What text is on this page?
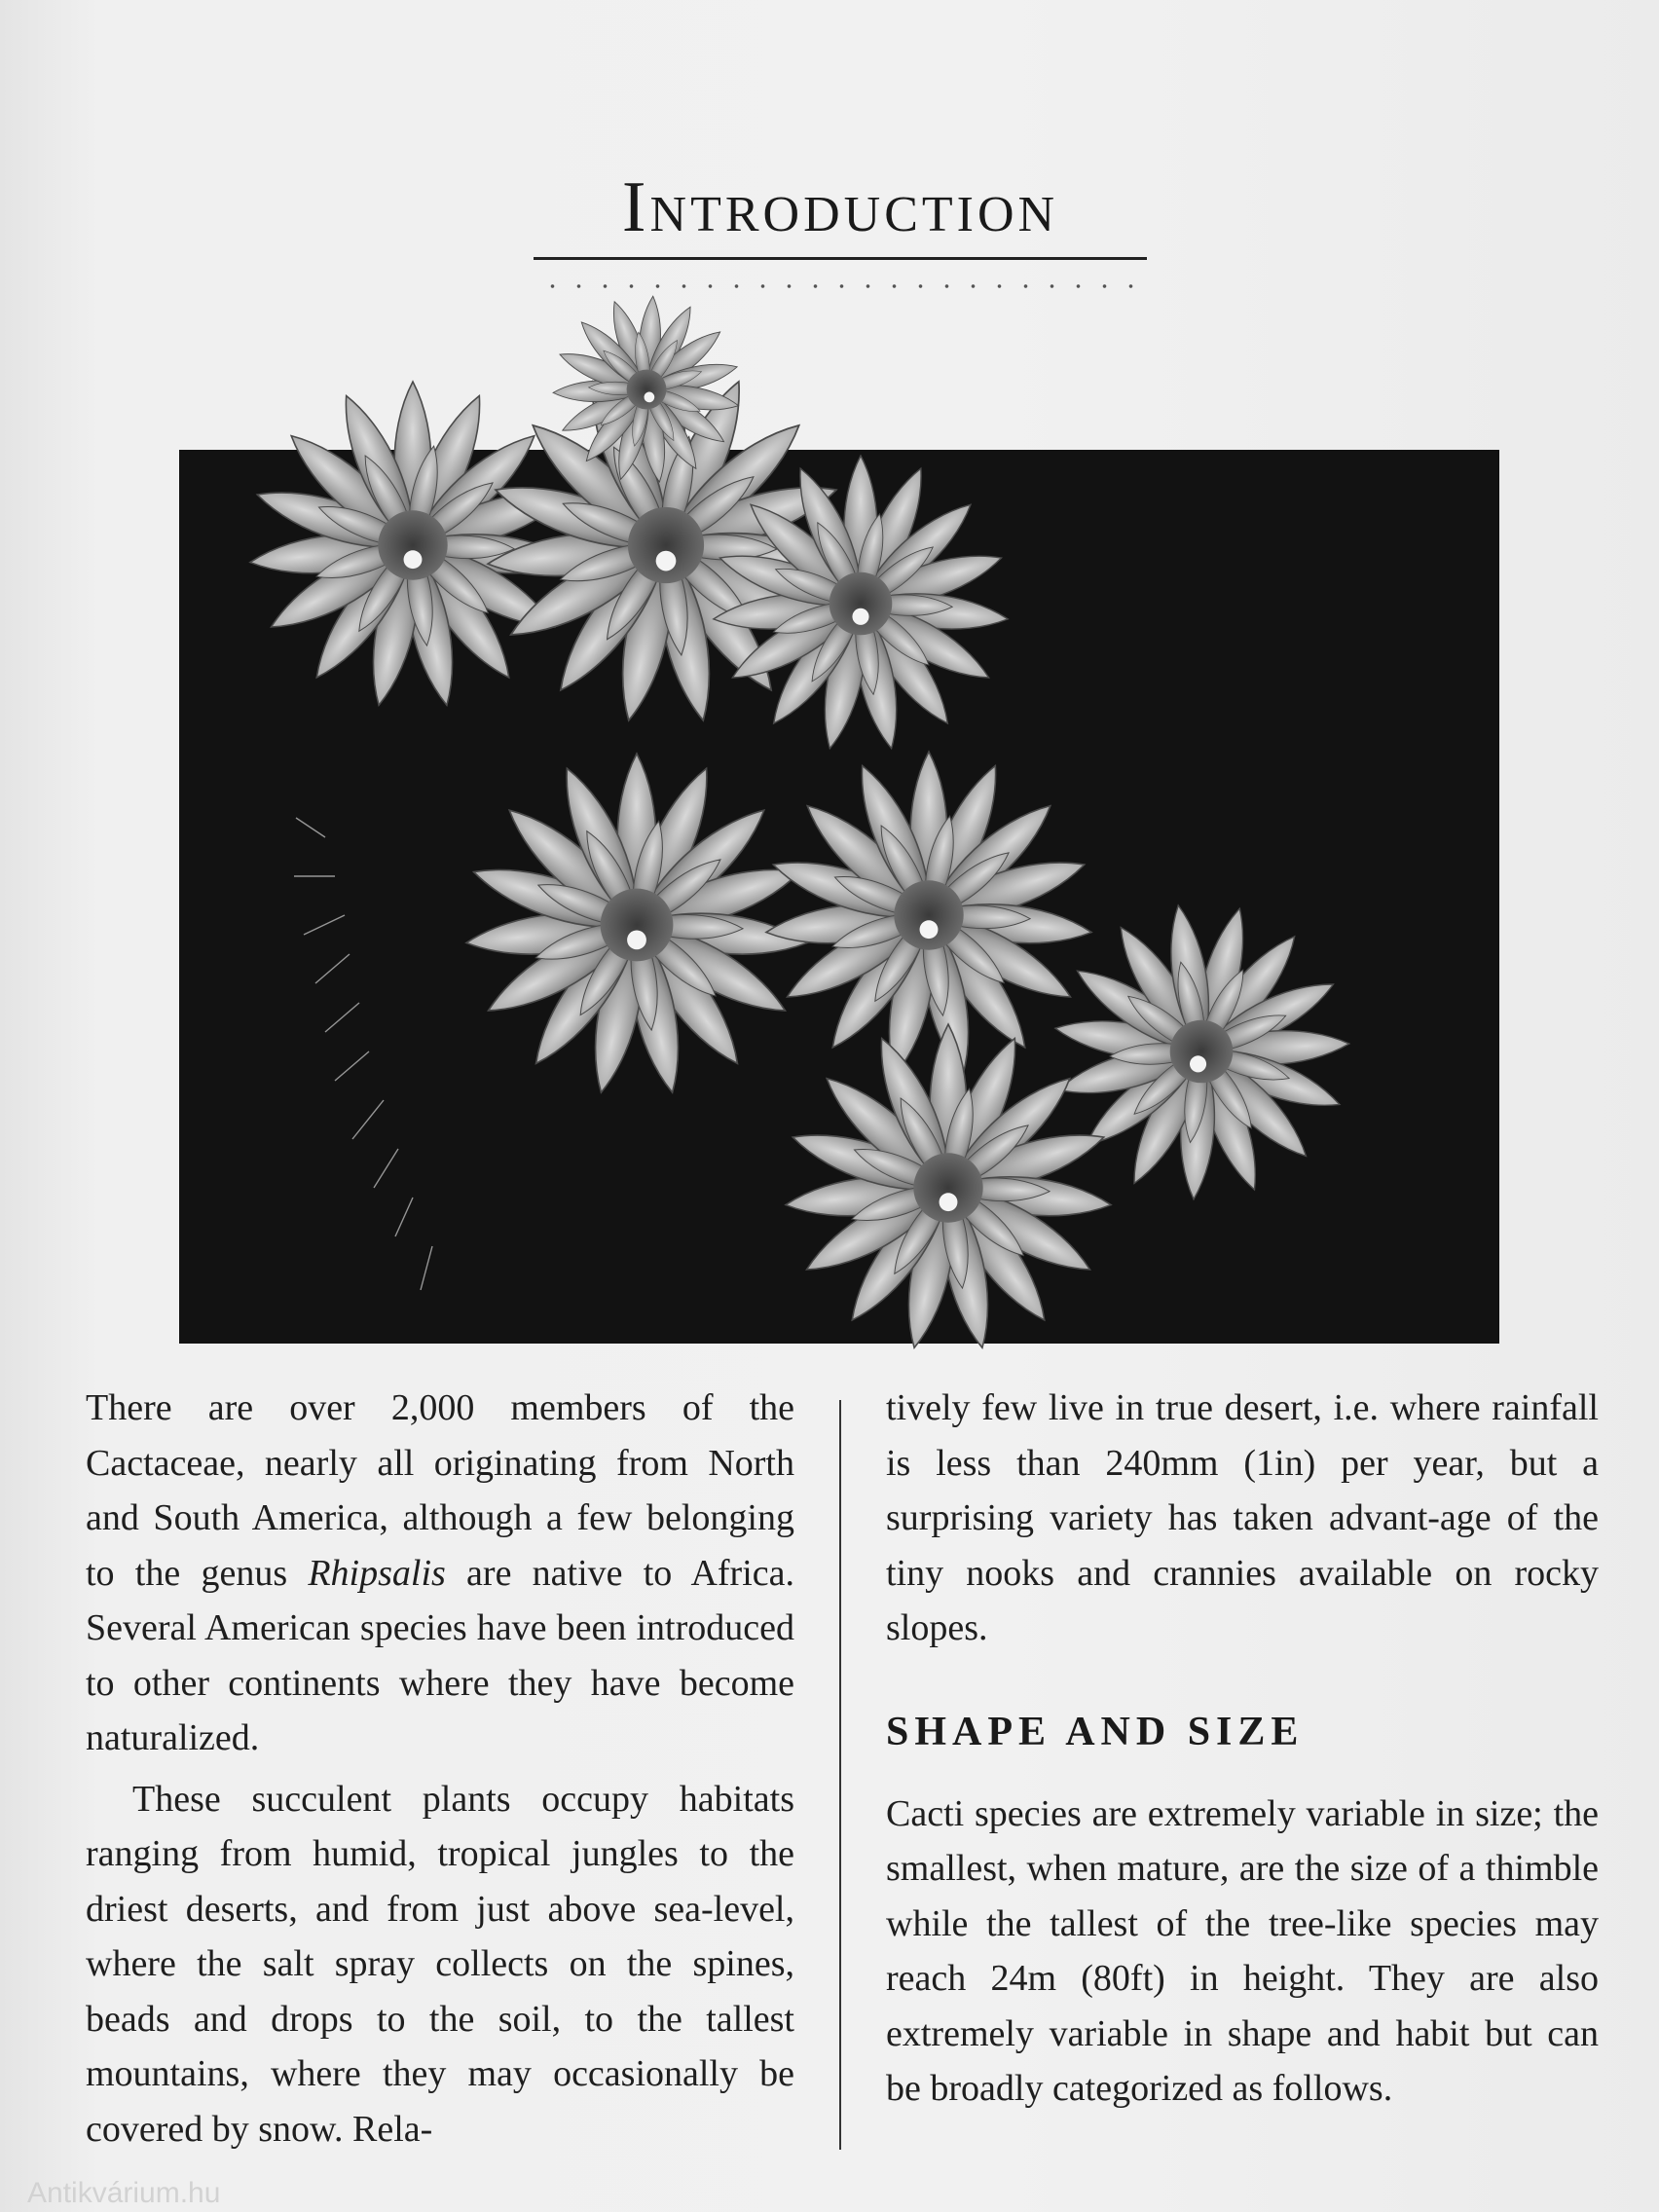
Introduction

There are over 2,000 members of the Cactaceae, nearly all originating from North and South America, although a few belonging to the genus Rhipsalis are native to Africa. Several American species have been introduced to other continents where they have become naturalized.

These succulent plants occupy habitats ranging from humid, tropical jungles to the driest deserts, and from just above sea-level, where the salt spray collects on the spines, beads and drops to the soil, to the tallest mountains, where they may occasionally be covered by snow. Rela-

tively few live in true desert, i.e. where rainfall is less than 240mm (1in) per year, but a surprising variety has taken advant-age of the tiny nooks and crannies available on rocky slopes.

SHAPE AND SIZE

Cacti species are extremely variable in size; the smallest, when mature, are the size of a thimble while the tallest of the tree-like species may reach 24m (80ft) in height. They are also extremely variable in shape and habit but can be broadly categorized as follows.

Antikvárium.hu
